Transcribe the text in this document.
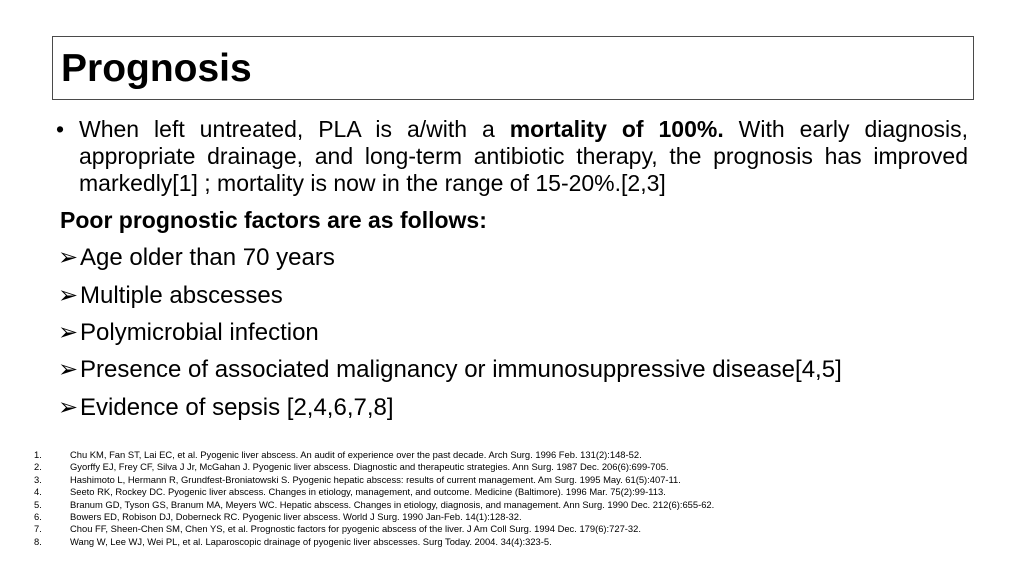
Prognosis
• When left untreated, PLA is a/with a mortality of 100%. With early diagnosis, appropriate drainage, and long-term antibiotic therapy, the prognosis has improved markedly[1] ; mortality is now in the range of 15-20%.[2,3]
Poor prognostic factors are as follows:
➢Age older than 70 years
➢Multiple abscesses
➢Polymicrobial infection
➢Presence of associated malignancy or immunosuppressive disease[4,5]
➢Evidence of sepsis [2,4,6,7,8]
1.	Chu KM, Fan ST, Lai EC, et al. Pyogenic liver abscess. An audit of experience over the past decade. Arch Surg. 1996 Feb. 131(2):148-52.
2.	Gyorffy EJ, Frey CF, Silva J Jr, McGahan J. Pyogenic liver abscess. Diagnostic and therapeutic strategies. Ann Surg. 1987 Dec. 206(6):699-705.
3.	Hashimoto L, Hermann R, Grundfest-Broniatowski S. Pyogenic hepatic abscess: results of current management. Am Surg. 1995 May. 61(5):407-11.
4.	Seeto RK, Rockey DC. Pyogenic liver abscess. Changes in etiology, management, and outcome. Medicine (Baltimore). 1996 Mar. 75(2):99-113.
5.	Branum GD, Tyson GS, Branum MA, Meyers WC. Hepatic abscess. Changes in etiology, diagnosis, and management. Ann Surg. 1990 Dec. 212(6):655-62.
6.	Bowers ED, Robison DJ, Doberneck RC. Pyogenic liver abscess. World J Surg. 1990 Jan-Feb. 14(1):128-32.
7.	Chou FF, Sheen-Chen SM, Chen YS, et al. Prognostic factors for pyogenic abscess of the liver. J Am Coll Surg. 1994 Dec. 179(6):727-32.
8.	Wang W, Lee WJ, Wei PL, et al. Laparoscopic drainage of pyogenic liver abscesses. Surg Today. 2004. 34(4):323-5.
